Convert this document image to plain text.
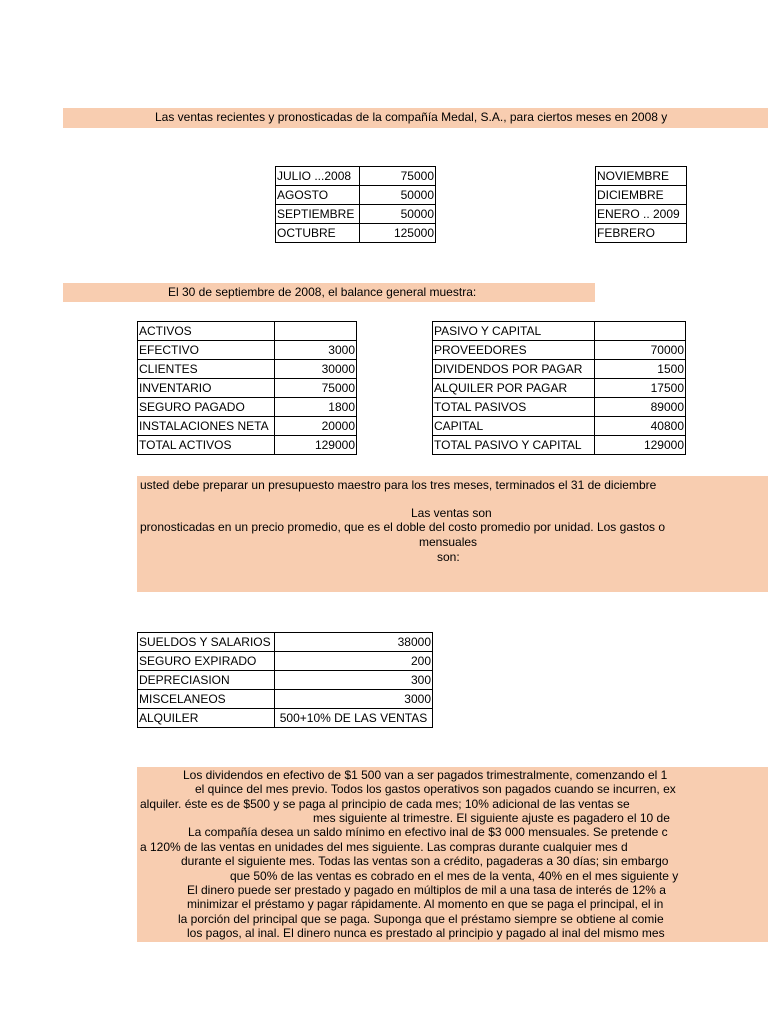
Las ventas recientes y pronosticadas de la compañía Medal, S.A., para ciertos meses en 2008 y
JULIO ...2008	75000
AGOSTO	50000
SEPTIEMBRE	50000
OCTUBRE	125000
NOVIEMBRE
DICIEMBRE
ENERO .. 2009
FEBRERO
El 30 de septiembre de 2008, el balance general muestra:
ACTIVOS	
EFECTIVO	3000
CLIENTES	30000
INVENTARIO	75000
SEGURO PAGADO	1800
INSTALACIONES NETA	20000
TOTAL ACTIVOS	129000
PASIVO Y CAPITAL	
PROVEEDORES	70000
DIVIDENDOS POR PAGAR	1500
ALQUILER POR PAGAR	17500
TOTAL PASIVOS	89000
CAPITAL	40800
TOTAL PASIVO Y CAPITAL	129000
usted debe preparar un presupuesto maestro para los tres meses, terminados el 31 de diciembre
Las ventas son
pronosticadas en un precio promedio, que es el doble del costo promedio por unidad. Los gastos o
mensuales
son:
SUELDOS Y SALARIOS	38000
SEGURO EXPIRADO	200
DEPRECIASION	300
MISCELANEOS	3000
ALQUILER	500+10% DE LAS VENTAS
Los dividendos en efectivo de $1 500 van a ser pagados trimestralmente, comenzando el 1
el quince del mes previo. Todos los gastos operativos son pagados cuando se incurren, ex
alquiler. éste es de $500 y se paga al principio de cada mes; 10% adicional de las ventas se
mes siguiente al trimestre. El siguiente ajuste es pagadero el 10 de
La compañía desea un saldo mínimo en efectivo inal de $3 000 mensuales. Se pretende c
a 120% de las ventas en unidades del mes siguiente. Las compras durante cualquier mes d
durante el siguiente mes. Todas las ventas son a crédito, pagaderas a 30 días; sin embargo
que 50% de las ventas es cobrado en el mes de la venta, 40% en el mes siguiente y
El dinero puede ser prestado y pagado en múltiplos de mil a una tasa de interés de 12% a
minimizar el préstamo y pagar rápidamente. Al momento en que se paga el principal, el in
la porción del principal que se paga. Suponga que el préstamo siempre se obtiene al comie
los pagos, al inal. El dinero nunca es prestado al principio y pagado al inal del mismo mes
